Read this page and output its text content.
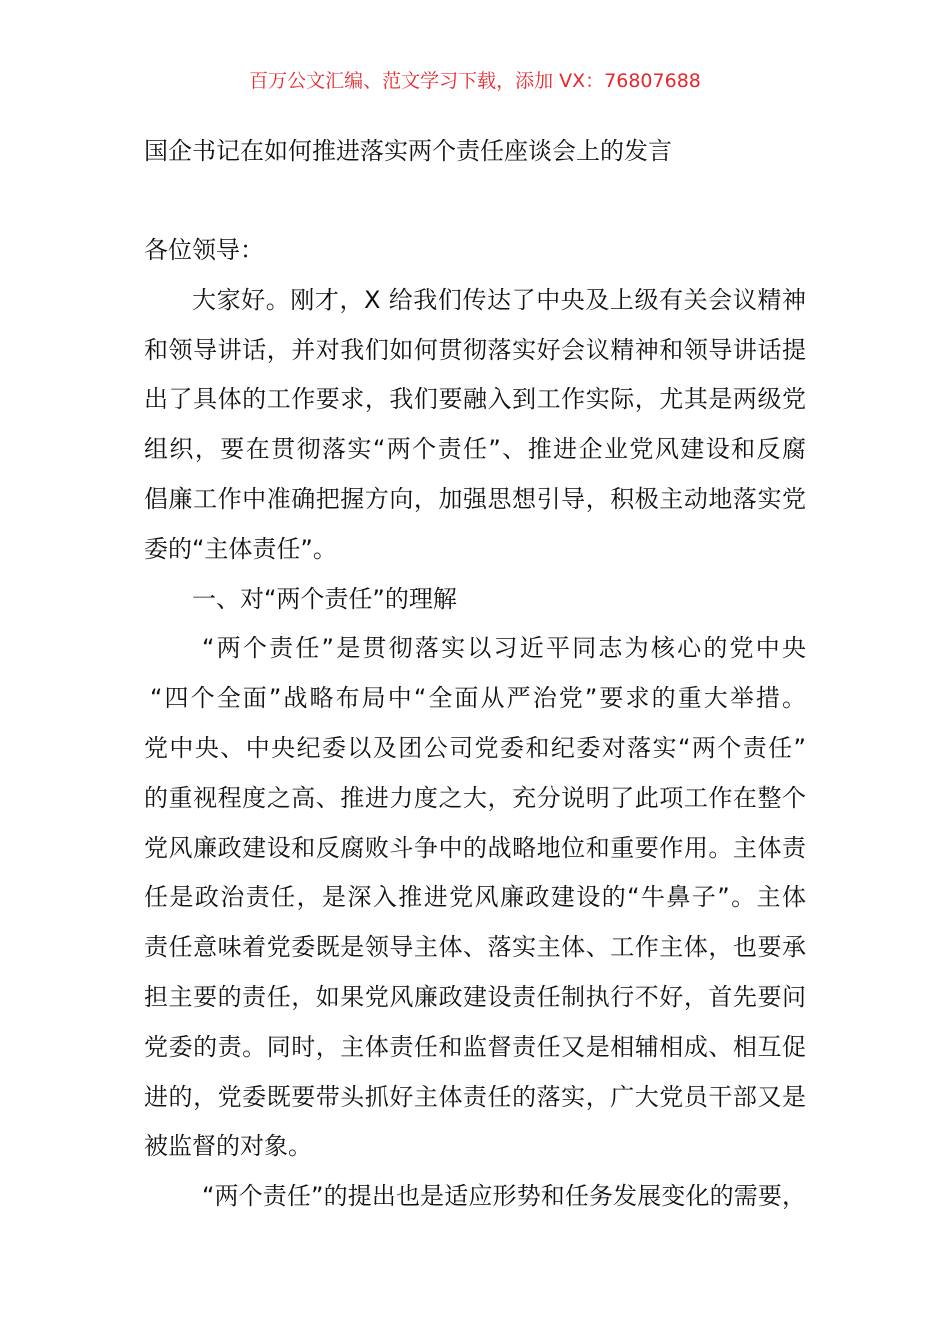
百万公文汇编、范文学习下载，添加 VX：76807688
国企书记在如何推进落实两个责任座谈会上的发言
各位领导：
大家好。刚才，X 给我们传达了中央及上级有关会议精神
和领导讲话，并对我们如何贯彻落实好会议精神和领导讲话提
出了具体的工作要求，我们要融入到工作实际，尤其是两级党
组织，要在贯彻落实“两个责任”、推进企业党风建设和反腐
倡廉工作中准确把握方向，加强思想引导，积极主动地落实党
委的“主体责任”。
一、对“两个责任”的理解
“两个责任”是贯彻落实以习近平同志为核心的党中央
“四个全面”战略布局中“全面从严治党”要求的重大举措。
党中央、中央纪委以及团公司党委和纪委对落实“两个责任”
的重视程度之高、推进力度之大，充分说明了此项工作在整个
党风廉政建设和反腐败斗争中的战略地位和重要作用。主体责
任是政治责任，是深入推进党风廉政建设的“牛鼻子”。主体
责任意味着党委既是领导主体、落实主体、工作主体，也要承
担主要的责任，如果党风廉政建设责任制执行不好，首先要问
党委的责。同时，主体责任和监督责任又是相辅相成、相互促
进的，党委既要带头抓好主体责任的落实，广大党员干部又是
被监督的对象。
“两个责任”的提出也是适应形势和任务发展变化的需要，
